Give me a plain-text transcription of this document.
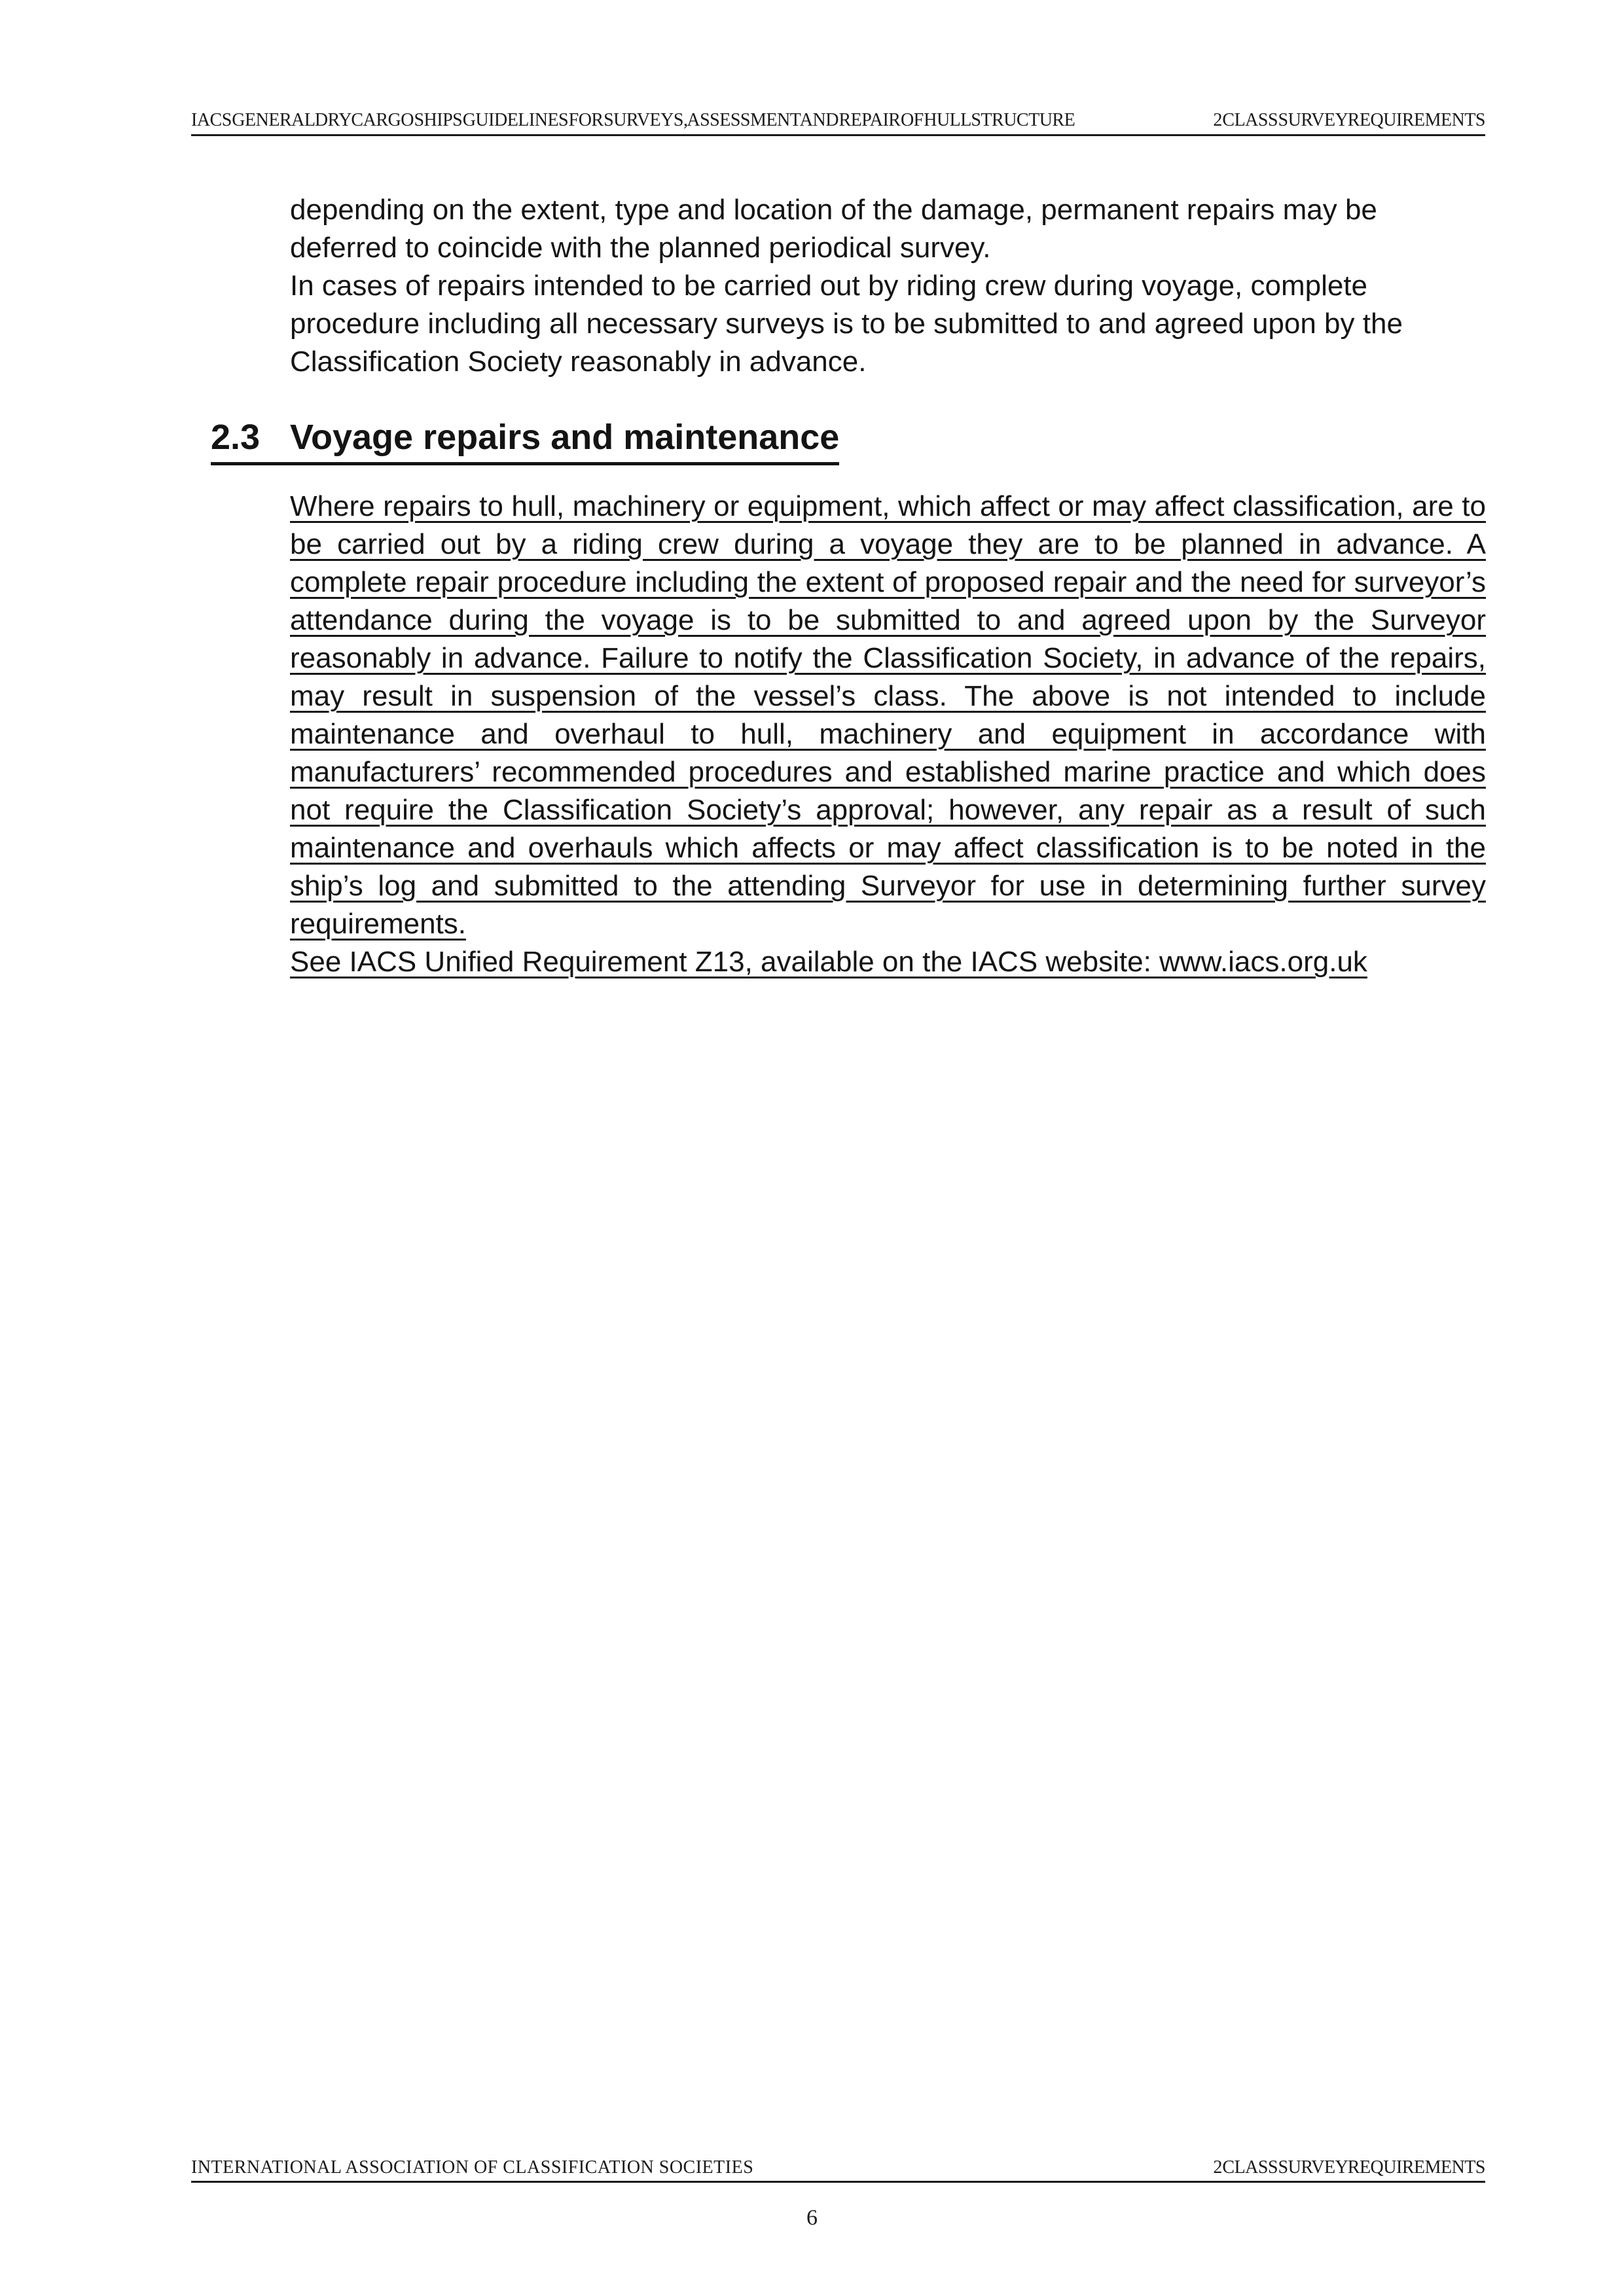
IACS GENERAL DRY CARGO SHIPS GUIDELINES FOR SURVEYS, ASSESSMENT AND REPAIR OF HULL STRUCTURE	2 CLASS SURVEY REQUIREMENTS

depending on the extent, type and location of the damage, permanent repairs may be deferred to coincide with the planned periodical survey.

In cases of repairs intended to be carried out by riding crew during voyage, complete procedure including all necessary surveys is to be submitted to and agreed upon by the Classification Society reasonably in advance.

2.3 Voyage repairs and maintenance

Where repairs to hull, machinery or equipment, which affect or may affect classification, are to be carried out by a riding crew during a voyage they are to be planned in advance. A complete repair procedure including the extent of proposed repair and the need for surveyor’s attendance during the voyage is to be submitted to and agreed upon by the Surveyor reasonably in advance. Failure to notify the Classification Society, in advance of the repairs, may result in suspension of the vessel’s class. The above is not intended to include maintenance and overhaul to hull, machinery and equipment in accordance with manufacturers’ recommended procedures and established marine practice and which does not require the Classification Society’s approval; however, any repair as a result of such maintenance and overhauls which affects or may affect classification is to be noted in the ship’s log and submitted to the attending Surveyor for use in determining further survey requirements.

See IACS Unified Requirement Z13, available on the IACS website: www.iacs.org.uk

INTERNATIONAL ASSOCIATION OF CLASSIFICATION SOCIETIES	2 CLASS SURVEY REQUIREMENTS
6
